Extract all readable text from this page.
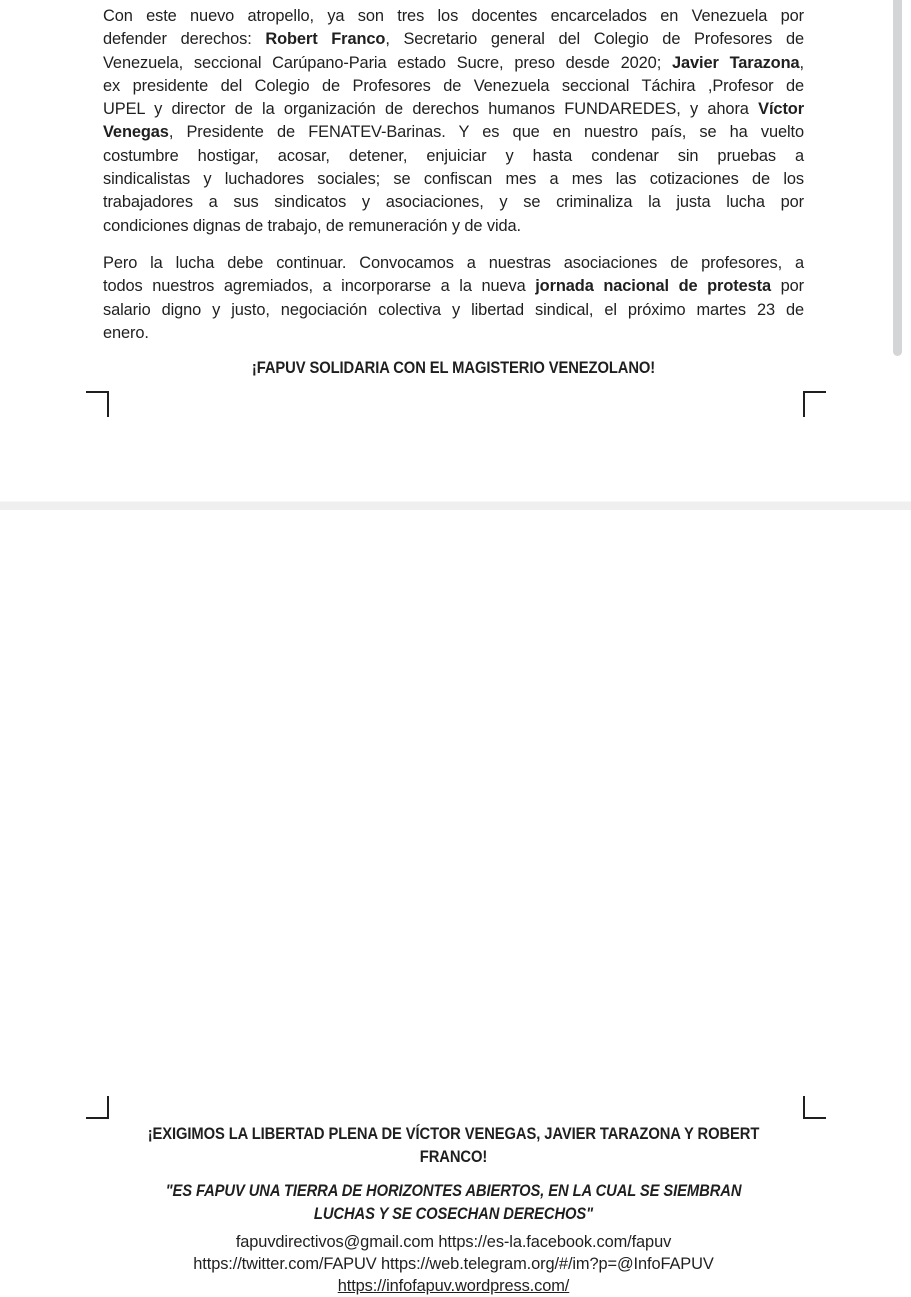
Con este nuevo atropello, ya son tres los docentes encarcelados en Venezuela por
defender derechos: Robert Franco, Secretario general del Colegio de Profesores de
Venezuela, seccional Carúpano-Paria estado Sucre, preso desde 2020; Javier Tarazona,
ex presidente del Colegio de Profesores de Venezuela seccional Táchira ,Profesor de
UPEL y director de la organización de derechos humanos FUNDAREDES, y ahora Víctor
Venegas, Presidente de FENATEV-Barinas. Y es que en nuestro país, se ha vuelto
costumbre hostigar, acosar, detener, enjuiciar y hasta condenar sin pruebas a
sindicalistas y luchadores sociales; se confiscan mes a mes las cotizaciones de los
trabajadores a sus sindicatos y asociaciones, y se criminaliza la justa lucha por
condiciones dignas de trabajo, de remuneración y de vida.
Pero la lucha debe continuar. Convocamos a nuestras asociaciones de profesores, a
todos nuestros agremiados, a incorporarse a la nueva jornada nacional de protesta por
salario digno y justo, negociación colectiva y libertad sindical, el próximo martes 23 de
enero.
¡FAPUV SOLIDARIA CON EL MAGISTERIO VENEZOLANO!
¡EXIGIMOS LA LIBERTAD PLENA DE VÍCTOR VENEGAS, JAVIER TARAZONA Y ROBERT
FRANCO!
"ES FAPUV UNA TIERRA DE HORIZONTES ABIERTOS, EN LA CUAL SE SIEMBRAN
LUCHAS Y SE COSECHAN DERECHOS"
fapuvdirectivos@gmail.com https://es-la.facebook.com/fapuv
https://twitter.com/FAPUV https://web.telegram.org/#/im?p=@InfoFAPUV
https://infofapuv.wordpress.com/
